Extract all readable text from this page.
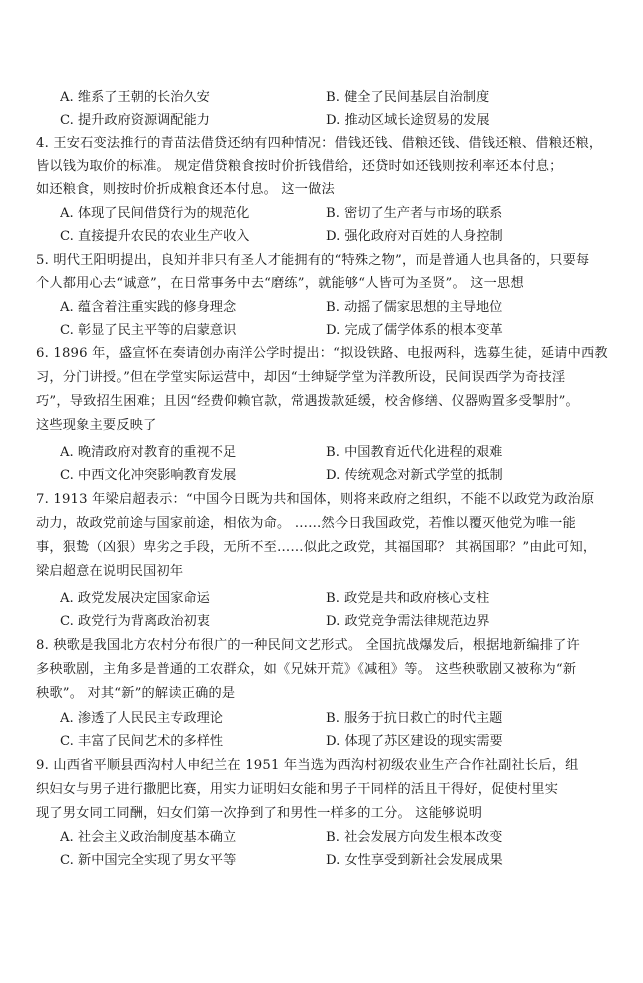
A. 维系了王朝的长治久安	B. 健全了民间基层自治制度
C. 提升政府资源调配能力	D. 推动区域长途贸易的发展
4. 王安石变法推行的青苗法借贷还纳有四种情况：借钱还钱、借粮还钱、借钱还粮、借粮还粮，
皆以钱为取价的标准。 规定借贷粮食按时价折钱借给，还贷时如还钱则按利率还本付息；
如还粮食，则按时价折成粮食还本付息。 这一做法
A. 体现了民间借贷行为的规范化	B. 密切了生产者与市场的联系
C. 直接提升农民的农业生产收入	D. 强化政府对百姓的人身控制
5. 明代王阳明提出，良知并非只有圣人才能拥有的“特殊之物”，而是普通人也具备的，只要每
个人都用心去“诚意”，在日常事务中去“磨练”，就能够“人皆可为圣贤”。 这一思想
A. 蕴含着注重实践的修身理念	B. 动摇了儒家思想的主导地位
C. 彰显了民主平等的启蒙意识	D. 完成了儒学体系的根本变革
6. 1896 年，盛宣怀在奏请创办南洋公学时提出：“拟设铁路、电报两科，选募生徒，延请中西教
习，分门讲授。”但在学堂实际运营中，却因“士绅疑学堂为洋教所设，民间误西学为奇技淫
巧”，导致招生困难；且因“经费仰赖官款，常遇拨款延缓，校舍修缮、仪器购置多受掣肘”。
这些现象主要反映了
A. 晚清政府对教育的重视不足	B. 中国教育近代化进程的艰难
C. 中西文化冲突影响教育发展	D. 传统观念对新式学堂的抵制
7. 1913 年梁启超表示：“中国今日既为共和国体，则将来政府之组织，不能不以政党为政治原
动力，故政党前途与国家前途，相依为命。 ……然今日我国政党，若惟以覆灭他党为唯一能
事，狠鸷（凶狠）卑劣之手段，无所不至……似此之政党，其福国耶？ 其祸国耶？”由此可知，
梁启超意在说明民国初年
A. 政党发展决定国家命运	B. 政党是共和政府核心支柱
C. 政党行为背离政治初衷	D. 政党竞争需法律规范边界
8. 秧歌是我国北方农村分布很广的一种民间文艺形式。 全国抗战爆发后，根据地新编排了许
多秧歌剧，主角多是普通的工农群众，如《兄妹开荒》《减租》等。 这些秧歌剧又被称为“新
秧歌”。 对其“新”的解读正确的是
A. 渗透了人民民主专政理论	B. 服务于抗日救亡的时代主题
C. 丰富了民间艺术的多样性	D. 体现了苏区建设的现实需要
9. 山西省平顺县西沟村人申纪兰在 1951 年当选为西沟村初级农业生产合作社副社长后，组
织妇女与男子进行撒肥比赛，用实力证明妇女能和男子干同样的活且干得好，促使村里实
现了男女同工同酬，妇女们第一次挣到了和男性一样多的工分。 这能够说明
A. 社会主义政治制度基本确立	B. 社会发展方向发生根本改变
C. 新中国完全实现了男女平等	D. 女性享受到新社会发展成果
